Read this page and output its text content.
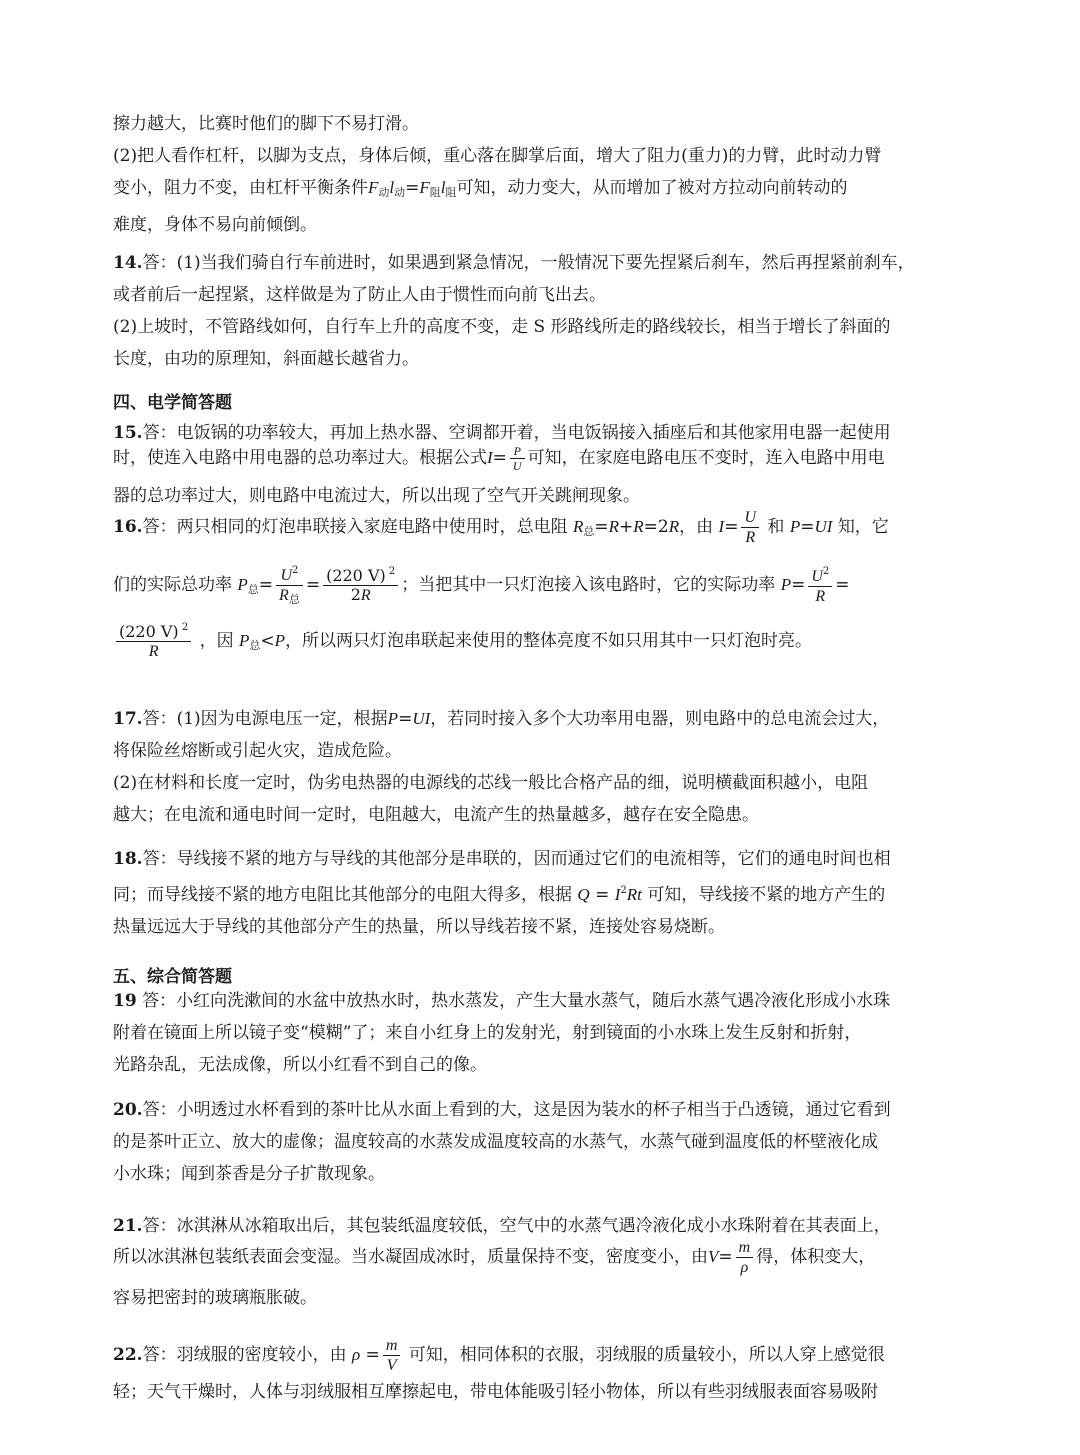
擦力越大，比赛时他们的脚下不易打滑。
(2)把人看作杠杆，以脚为支点，身体后倾，重心落在脚掌后面，增大了阻力(重力)的力臂，此时动力臂
变小，阻力不变，由杠杆平衡条件$F_动l_动=F_阻l_阻$可知，动力变大，从而增加了被对方拉动向前转动的
难度，身体不易向前倾倒。
14.答：(1)当我们骑自行车前进时，如果遇到紧急情况，一般情况下要先捏紧后刹车，然后再捏紧前刹车，
或者前后一起捏紧，这样做是为了防止人由于惯性而向前飞出去。
(2)上坡时，不管路线如何，自行车上升的高度不变，走 S 形路线所走的路线较长，相当于增长了斜面的
长度，由功的原理知，斜面越长越省力。
四、电学简答题
15.答：电饭锅的功率较大，再加上热水器、空调都开着，当电饭锅接入插座后和其他家用电器一起使用
时，使连入电路中用电器的总功率过大。根据公式$I= \frac{P}{U}$ 可知，在家庭电路电压不变时，连入电路中用电
器的总功率过大，则电路中电流过大，所以出现了空气开关跳闸现象。
16.答：两只相同的灯泡串联接入家庭电路中使用时，总电阻 $R_总=R+R=2R$，由 $I= \frac{U}{R}$ 和 P=UI 知，它
们的实际总功率 $P_总= \frac{U^2}{R_总} = \frac{(220 V) ^2}{2R}$ ；当把其中一只灯泡接入该电路时，它的实际功率 $P= \frac{U^2}{R}$ =
$\frac{(220 V) ^2}{R}$ ，因 $P_总<P$，所以两只灯泡串联起来使用的整体亮度不如只用其中一只灯泡时亮。
17.答：(1)因为电源电压一定，根据P=UI，若同时接入多个大功率用电器，则电路中的总电流会过大，
将保险丝熔断或引起火灾，造成危险。
(2)在材料和长度一定时，伪劣电热器的电源线的芯线一般比合格产品的细，说明横截面积越小，电阻
越大；在电流和通电时间一定时，电阻越大，电流产生的热量越多，越存在安全隐患。
18.答：导线接不紧的地方与导线的其他部分是串联的，因而通过它们的电流相等，它们的通电时间也相
同；而导线接不紧的地方电阻比其他部分的电阻大得多，根据 $Q = I^2Rt$ 可知，导线接不紧的地方产生的
热量远远大于导线的其他部分产生的热量，所以导线若接不紧，连接处容易烧断。
五、综合简答题
19 答：小红向洗漱间的水盆中放热水时，热水蒸发，产生大量水蒸气，随后水蒸气遇冷液化形成小水珠
附着在镜面上所以镜子变“模糊”了；来自小红身上的发射光，射到镜面的小水珠上发生反射和折射，
光路杂乱，无法成像，所以小红看不到自己的像。
20.答：小明透过水杯看到的茶叶比从水面上看到的大，这是因为装水的杯子相当于凸透镜，通过它看到
的是茶叶正立、放大的虚像；温度较高的水蒸发成温度较高的水蒸气，水蒸气碰到温度低的杯壁液化成
小水珠；闻到茶香是分子扩散现象。
21.答：冰淇淋从冰箱取出后，其包装纸温度较低，空气中的水蒸气遇冷液化成小水珠附着在其表面上，
所以冰淇淋包装纸表面会变湿。当水凝固成冰时，质量保持不变，密度变小，由$V= \frac{m}{\rho}$ 得，体积变大，
容易把密封的玻璃瓶胀破。
22.答：羽绒服的密度较小，由 $\rho = \frac{m}{V}$ 可知，相同体积的衣服，羽绒服的质量较小，所以人穿上感觉很
轻；天气干燥时，人体与羽绒服相互摩擦起电，带电体能吸引轻小物体，所以有些羽绒服表面容易吸附
